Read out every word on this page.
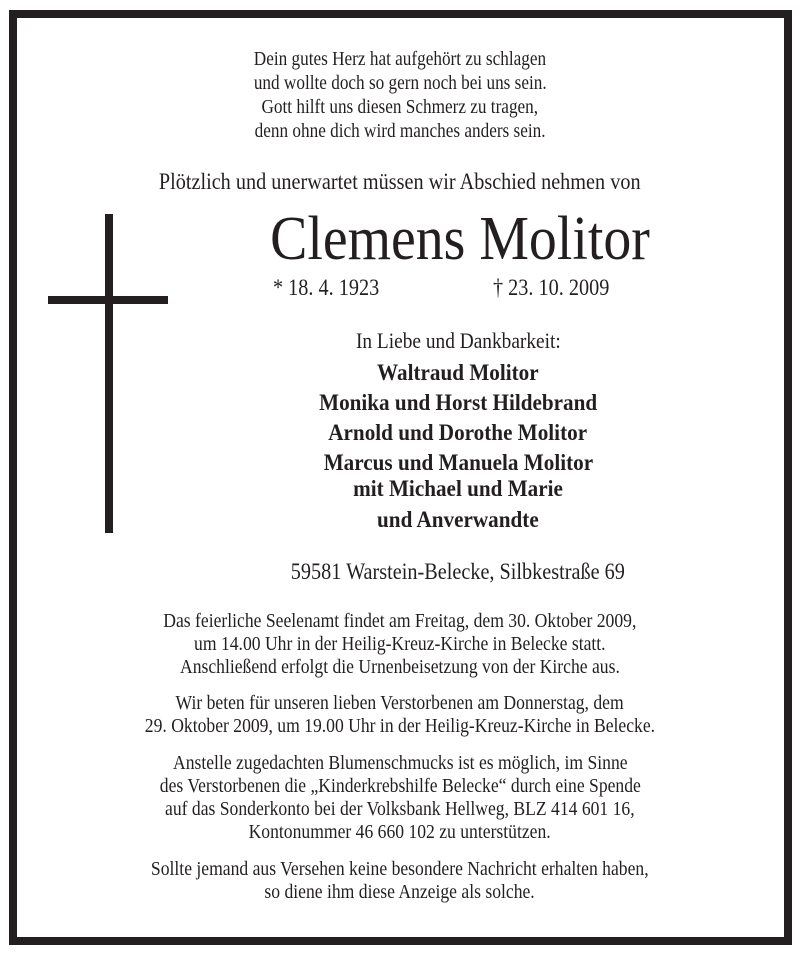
Dein gutes Herz hat aufgehört zu schlagen
und wollte doch so gern noch bei uns sein.
Gott hilft uns diesen Schmerz zu tragen,
denn ohne dich wird manches anders sein.
Plötzlich und unerwartet müssen wir Abschied nehmen von
Clemens Molitor
* 18. 4. 1923	† 23. 10. 2009
In Liebe und Dankbarkeit:
Waltraud Molitor
Monika und Horst Hildebrand
Arnold und Dorothe Molitor
Marcus und Manuela Molitor
mit Michael und Marie
und Anverwandte
59581 Warstein-Belecke, Silbkestraße 69
Das feierliche Seelenamt findet am Freitag, dem 30. Oktober 2009,
um 14.00 Uhr in der Heilig-Kreuz-Kirche in Belecke statt.
Anschließend erfolgt die Urnenbeisetzung von der Kirche aus.
Wir beten für unseren lieben Verstorbenen am Donnerstag, dem
29. Oktober 2009, um 19.00 Uhr in der Heilig-Kreuz-Kirche in Belecke.
Anstelle zugedachten Blumenschmucks ist es möglich, im Sinne
des Verstorbenen die „Kinderkrebshilfe Belecke“ durch eine Spende
auf das Sonderkonto bei der Volksbank Hellweg, BLZ 414 601 16,
Kontonummer 46 660 102 zu unterstützen.
Sollte jemand aus Versehen keine besondere Nachricht erhalten haben,
so diene ihm diese Anzeige als solche.
